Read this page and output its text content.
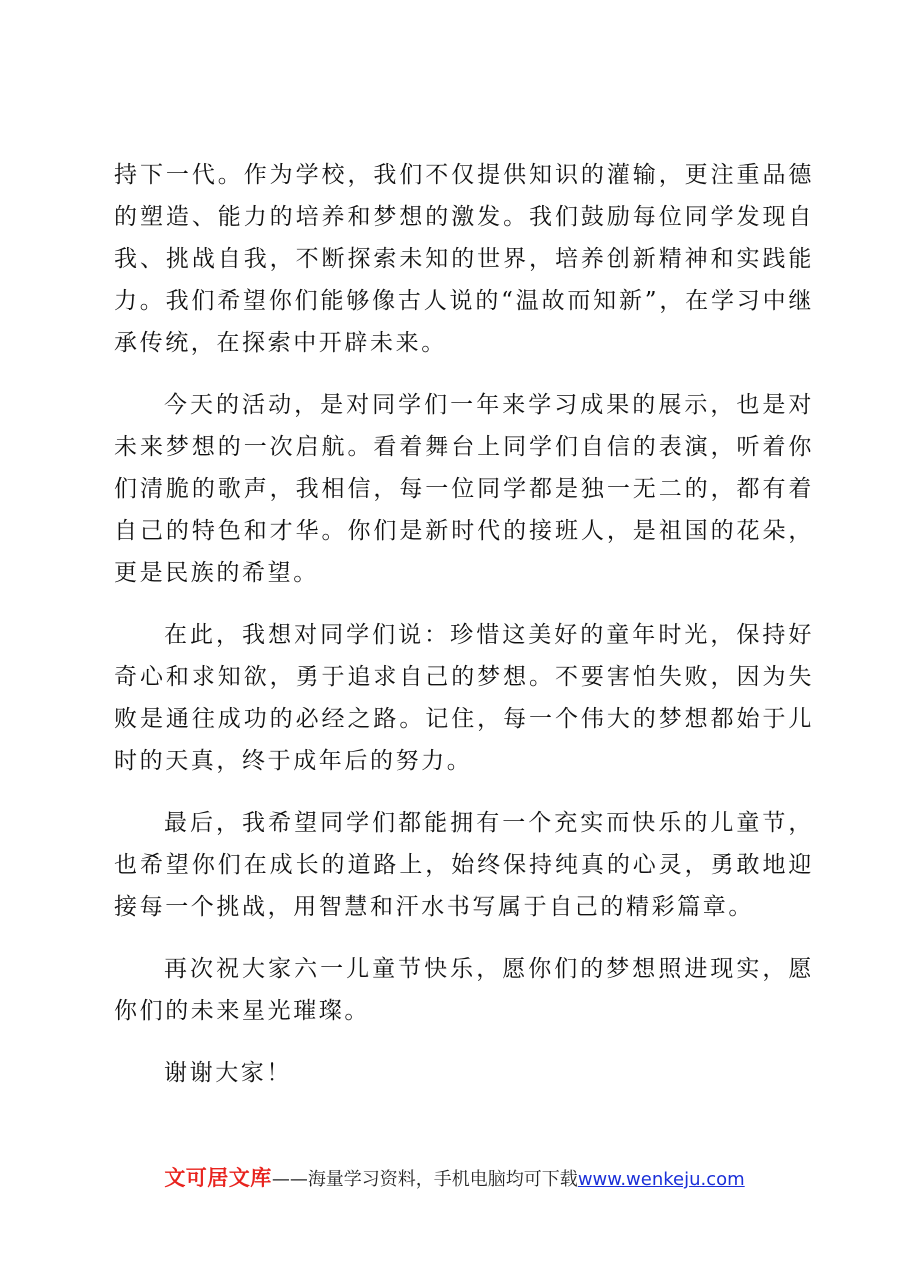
持下一代。作为学校，我们不仅提供知识的灌输，更注重品德的塑造、能力的培养和梦想的激发。我们鼓励每位同学发现自我、挑战自我，不断探索未知的世界，培养创新精神和实践能力。我们希望你们能够像古人说的“温故而知新”，在学习中继承传统，在探索中开辟未来。

今天的活动，是对同学们一年来学习成果的展示，也是对未来梦想的一次启航。看着舞台上同学们自信的表演，听着你们清脆的歌声，我相信，每一位同学都是独一无二的，都有着自己的特色和才华。你们是新时代的接班人，是祖国的花朵，更是民族的希望。

在此，我想对同学们说：珍惜这美好的童年时光，保持好奇心和求知欲，勇于追求自己的梦想。不要害怕失败，因为失败是通往成功的必经之路。记住，每一个伟大的梦想都始于儿时的天真，终于成年后的努力。

最后，我希望同学们都能拥有一个充实而快乐的儿童节，也希望你们在成长的道路上，始终保持纯真的心灵，勇敢地迎接每一个挑战，用智慧和汗水书写属于自己的精彩篇章。

再次祝大家六一儿童节快乐，愿你们的梦想照进现实，愿你们的未来星光璀璨。

谢谢大家！

文可居文库——海量学习资料，手机电脑均可下载www.wenkeju.com
